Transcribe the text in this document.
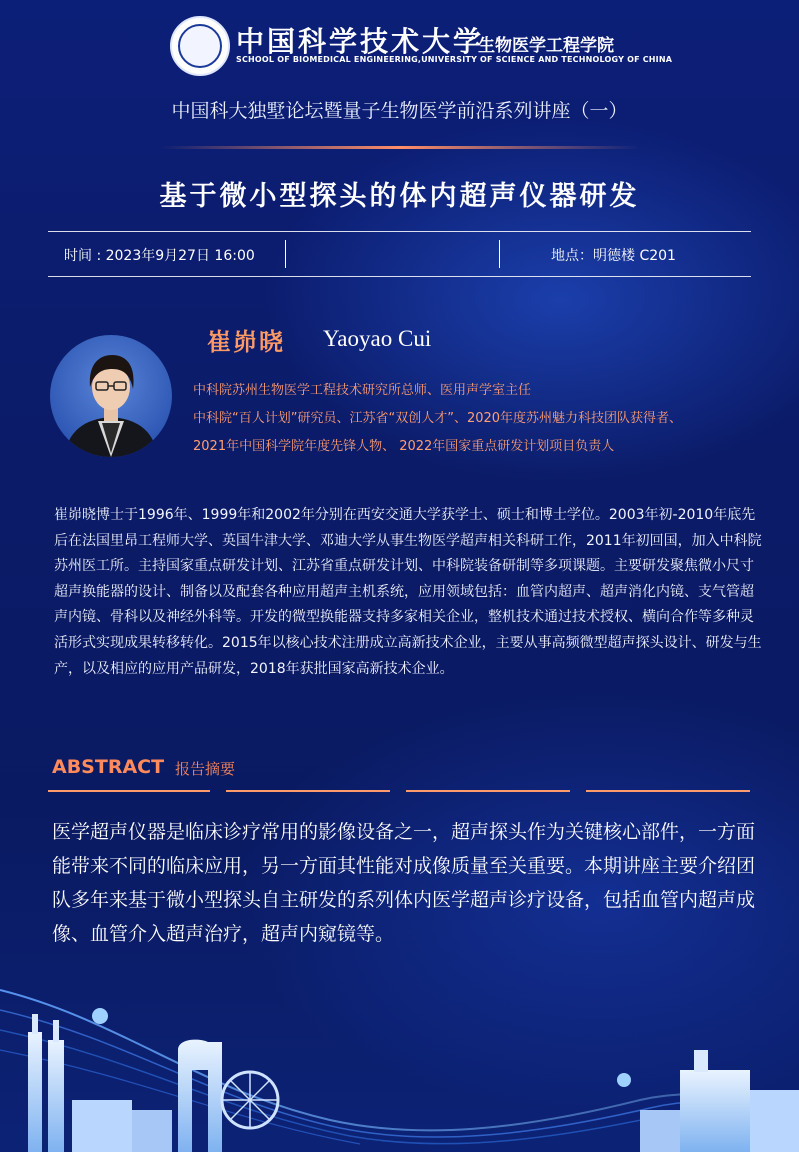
中国科学技术大学
生物医学工程学院
SCHOOL OF BIOMEDICAL ENGINEERING,UNIVERSITY OF SCIENCE AND TECHNOLOGY OF CHINA
中国科大独墅论坛暨量子生物医学前沿系列讲座（一）
基于微小型探头的体内超声仪器研发
时间 : 2023年9月27日 16:00	地点：明德楼 C201
崔峁晓 Yaoyao Cui
中科院苏州生物医学工程技术研究所总师、医用声学室主任
中科院“百人计划”研究员、江苏省“双创人才”、2020年度苏州魅力科技团队获得者、
2021年中国科学院年度先锋人物、 2022年国家重点研发计划项目负责人
崔峁晓博士于1996年、1999年和2002年分别在西安交通大学获学士、硕士和博士学位。2003年初-2010年底先后在法国里昂工程师大学、英国牛津大学、邓迪大学从事生物医学超声相关科研工作，2011年初回国，加入中科院苏州医工所。主持国家重点研发计划、江苏省重点研发计划、中科院装备研制等多项课题。主要研发聚焦微小尺寸超声换能器的设计、制备以及配套各种应用超声主机系统，应用领域包括：血管内超声、超声消化内镜、支气管超声内镜、骨科以及神经外科等。开发的微型换能器支持多家相关企业，整机技术通过技术授权、横向合作等多种灵活形式实现成果转移转化。2015年以核心技术注册成立高新技术企业，主要从事高频微型超声探头设计、研发与生产，以及相应的应用产品研发，2018年获批国家高新技术企业。
ABSTRACT 报告摘要
医学超声仪器是临床诊疗常用的影像设备之一，超声探头作为关键核心部件，一方面能带来不同的临床应用，另一方面其性能对成像质量至关重要。本期讲座主要介绍团队多年来基于微小型探头自主研发的系列体内医学超声诊疗设备，包括血管内超声成像、血管介入超声治疗，超声内窥镜等。
